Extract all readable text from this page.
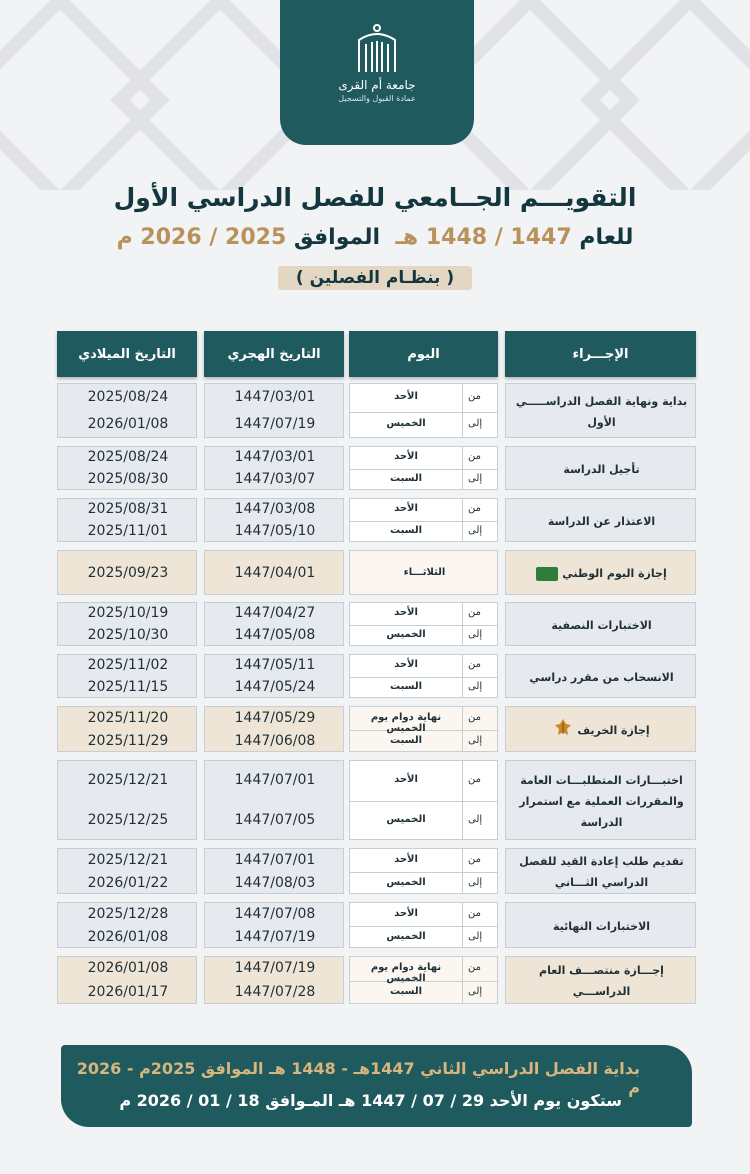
جامعة أم القرى
عمادة القبول والتسجيل
التقويـــم الجــامعي للفصل الدراسي الأول
للعام 1447 / 1448 هـ  الموافق 2025 / 2026 م
( بنظـام الفصلين )
الإجـــراء
اليوم
التاريخ الهجري
التاريخ الميلادي
بداية ونهاية الفصل الدراســـــي الأول
من
إلى
الأحد
الخميس
1447/03/01
1447/07/19
2025/08/24
2026/01/08
تأجيل الدراسة
من
إلى
الأحد
السبت
1447/03/01
1447/03/07
2025/08/24
2025/08/30
الاعتذار عن الدراسة
من
إلى
الأحد
السبت
1447/03/08
1447/05/10
2025/08/31
2025/11/01
إجازة اليوم الوطني
الثلاثـــاء
1447/04/01
2025/09/23
الاختبارات النصفية
من
إلى
الأحد
الخميس
1447/04/27
1447/05/08
2025/10/19
2025/10/30
الانسحاب من مقرر دراسي
من
إلى
الأحد
السبت
1447/05/11
1447/05/24
2025/11/02
2025/11/15
إجازة الخريف
من
إلى
نهاية دوام يوم الخميس
السبت
1447/05/29
1447/06/08
2025/11/20
2025/11/29
اختبـــارات المتطلبـــات العامة والمقررات العملية مع استمرار الدراسة
من
إلى
الأحد
الخميس
1447/07/01
1447/07/05
2025/12/21
2025/12/25
تقديم طلب إعادة القيد للفصل الدراسي الثـــاني
من
إلى
الأحد
الخميس
1447/07/01
1447/08/03
2025/12/21
2026/01/22
الاختبارات النهائية
من
إلى
الأحد
الخميس
1447/07/08
1447/07/19
2025/12/28
2026/01/08
إجـــازة منتصـــف العام الدراســـي
من
إلى
نهاية دوام يوم الخميس
السبت
1447/07/19
1447/07/28
2026/01/08
2026/01/17
بداية الفصل الدراسي الثاني 1447هـ - 1448 هـ الموافق 2025م - 2026 م
ستكون يوم الأحد 29 / 07 / 1447 هـ المـوافق 18 / 01 / 2026 م
